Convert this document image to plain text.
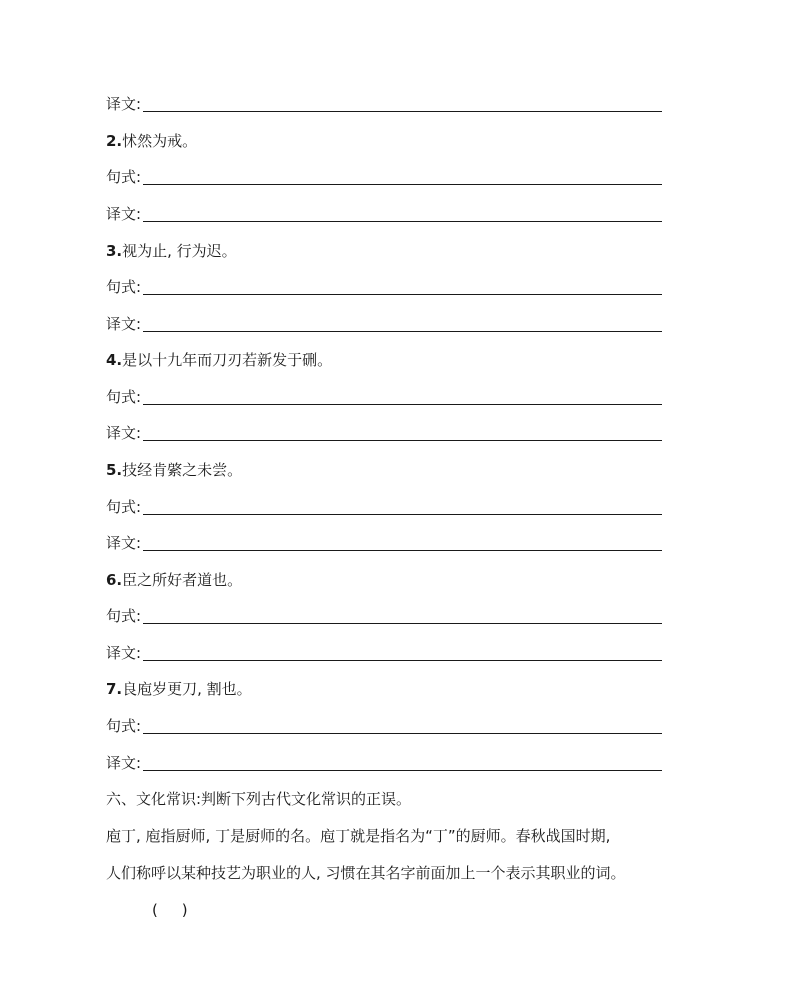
译文:
2.怵然为戒。
句式:
译文:
3.视为止, 行为迟。
句式:
译文:
4.是以十九年而刀刃若新发于硎。
句式:
译文:
5.技经肯綮之未尝。
句式:
译文:
6.臣之所好者道也。
句式:
译文:
7.良庖岁更刀, 割也。
句式:
译文:
六、文化常识:判断下列古代文化常识的正误。
庖丁, 庖指厨师, 丁是厨师的名。庖丁就是指名为“丁”的厨师。春秋战国时期,
人们称呼以某种技艺为职业的人, 习惯在其名字前面加上一个表示其职业的词。
(     )
